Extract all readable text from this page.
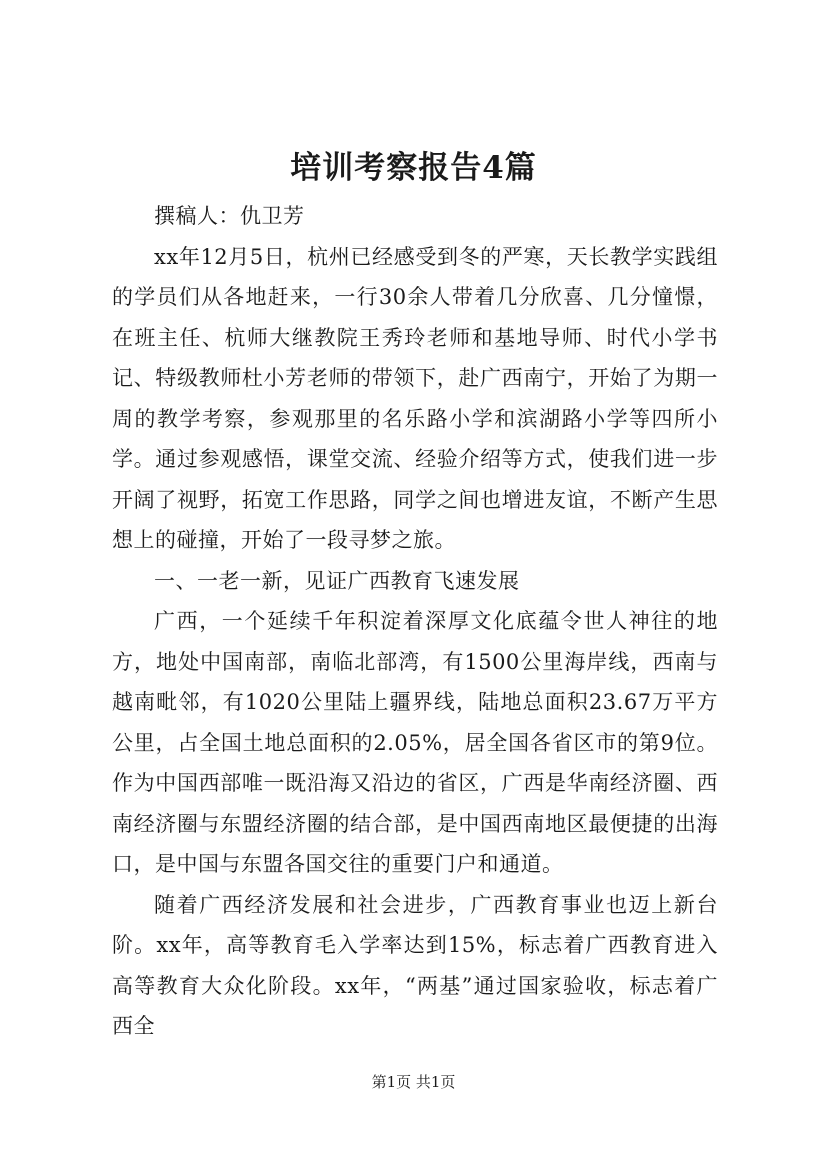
培训考察报告4篇

撰稿人：仇卫芳

xx年12月5日，杭州已经感受到冬的严寒，天长教学实践组的学员们从各地赶来，一行30余人带着几分欣喜、几分憧憬，在班主任、杭师大继教院王秀玲老师和基地导师、时代小学书记、特级教师杜小芳老师的带领下，赴广西南宁，开始了为期一周的教学考察，参观那里的名乐路小学和滨湖路小学等四所小学。通过参观感悟，课堂交流、经验介绍等方式，使我们进一步开阔了视野，拓宽工作思路，同学之间也增进友谊，不断产生思想上的碰撞，开始了一段寻梦之旅。

一、一老一新，见证广西教育飞速发展

广西，一个延续千年积淀着深厚文化底蕴令世人神往的地方，地处中国南部，南临北部湾，有1500公里海岸线，西南与越南毗邻，有1020公里陆上疆界线，陆地总面积23.67万平方公里，占全国土地总面积的2.05%，居全国各省区市的第9位。作为中国西部唯一既沿海又沿边的省区，广西是华南经济圈、西南经济圈与东盟经济圈的结合部，是中国西南地区最便捷的出海口，是中国与东盟各国交往的重要门户和通道。

随着广西经济发展和社会进步，广西教育事业也迈上新台阶。xx年，高等教育毛入学率达到15%，标志着广西教育进入高等教育大众化阶段。xx年，“两基”通过国家验收，标志着广西全

第1页 共1页
